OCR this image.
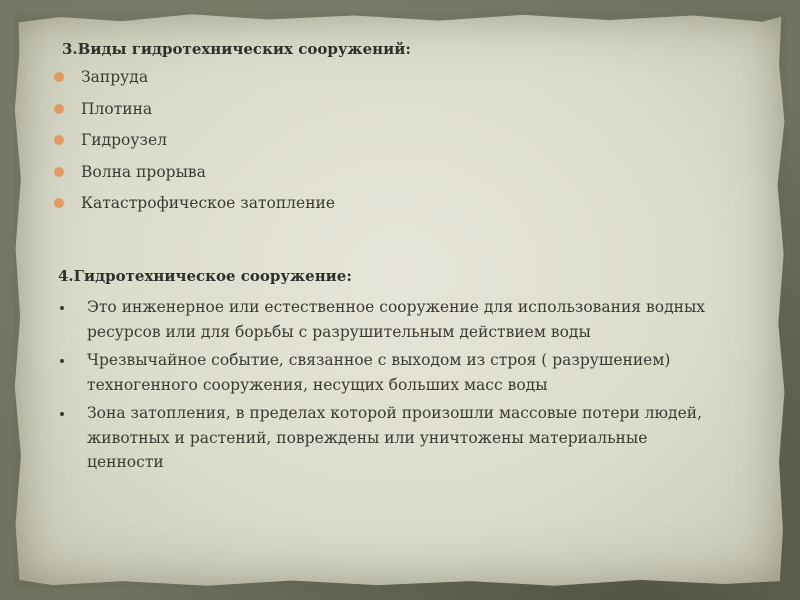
3.Виды гидротехнических сооружений:
Запруда
Плотина
Гидроузел
Волна прорыва
Катастрофическое затопление
4.Гидротехническое сооружение:
Это инженерное или естественное сооружение для использования водных ресурсов или для борьбы с разрушительным действием воды
Чрезвычайное событие, связанное с выходом из строя ( разрушением) техногенного сооружения, несущих больших масс воды
Зона затопления, в пределах которой произошли массовые потери людей, животных и растений, повреждены или уничтожены материальные ценности
